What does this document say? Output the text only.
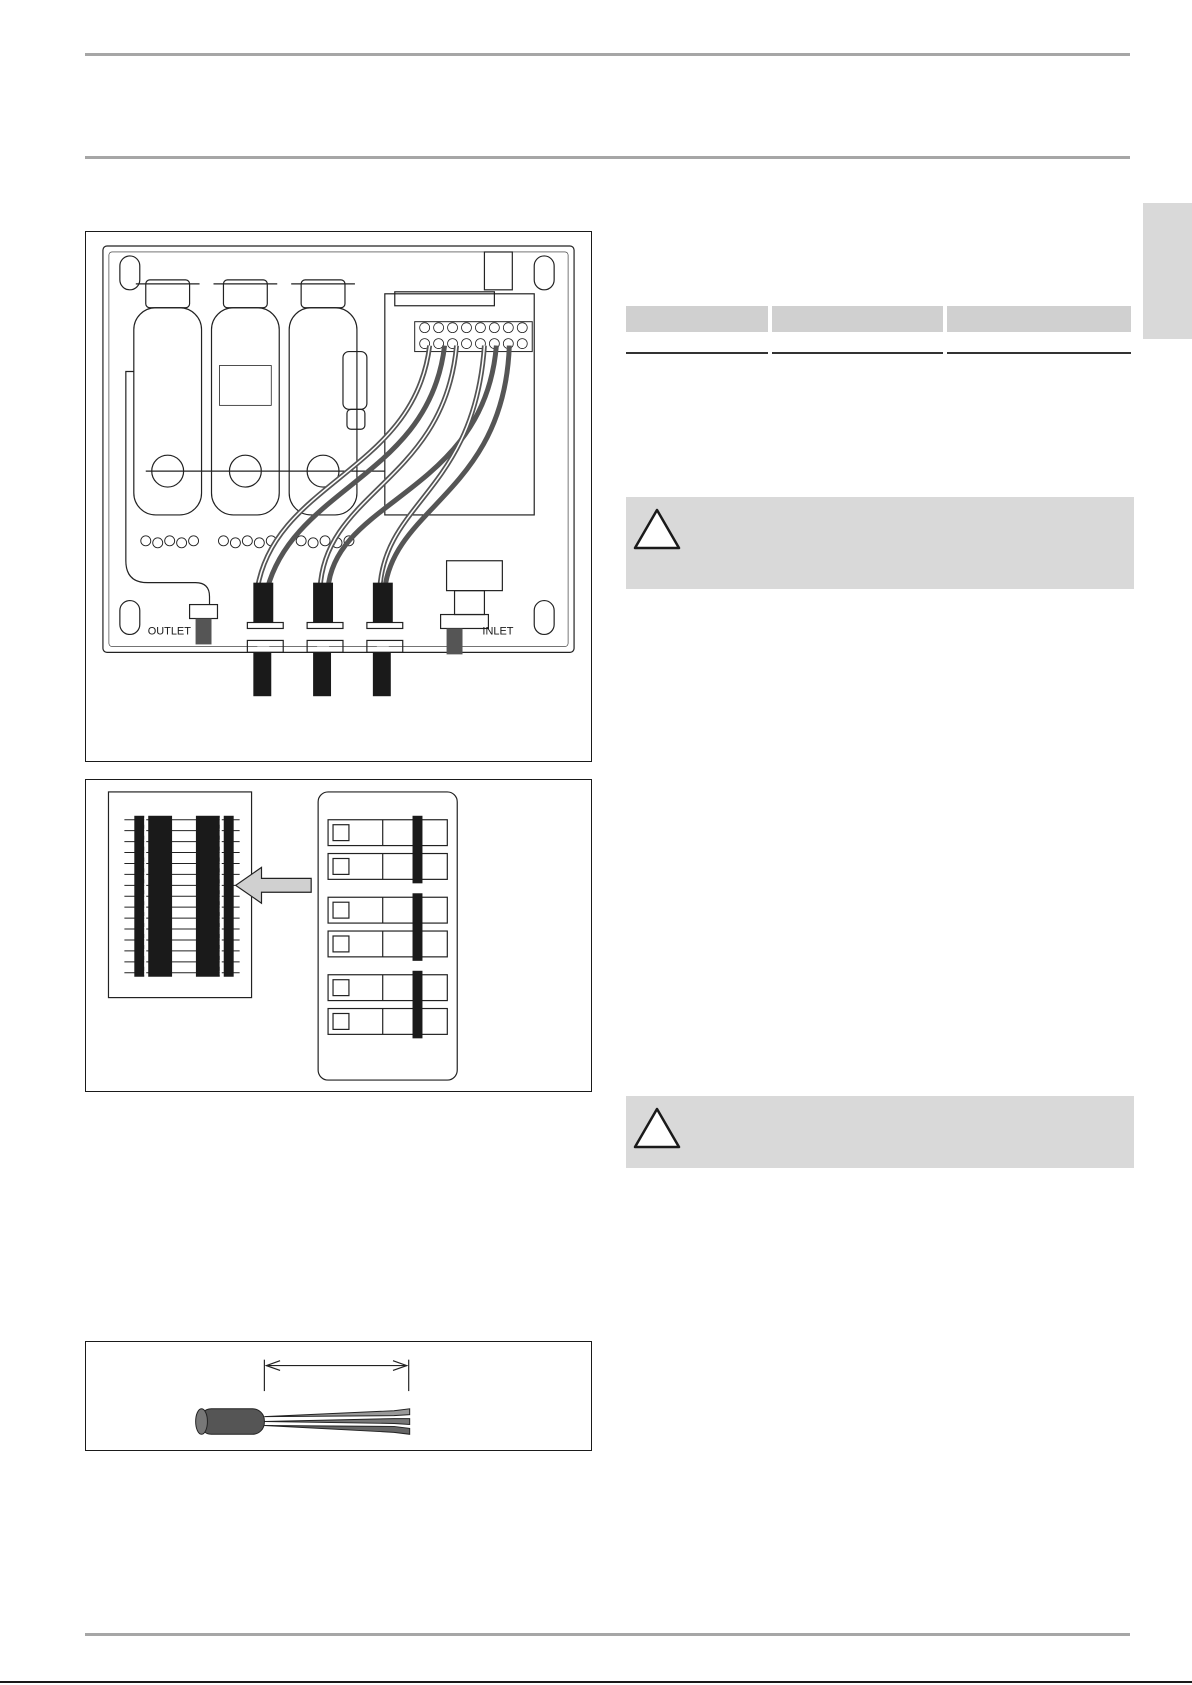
OUTLET	INLET
